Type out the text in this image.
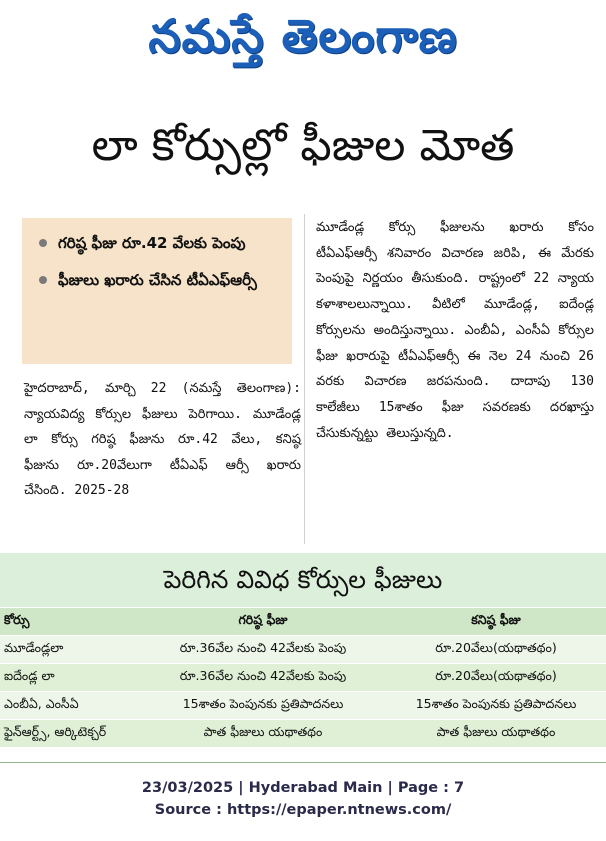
నమస్తే తెలంగాణ
లా కోర్సుల్లో ఫీజుల మోత
గరిష్ఠ ఫీజు రూ.42 వేలకు పెంపు
ఫీజులు ఖరారు చేసిన టీఏఎఫ్ఆర్సీ
హైదరాబాద్, మార్చి 22 (నమస్తే తెలంగాణ): న్యాయవిద్య కోర్సుల ఫీజులు పెరిగాయి. మూడేండ్ల లా కోర్సు గరిష్ఠ ఫీజును రూ.42 వేలు, కనిష్ఠ ఫీజును రూ.20వేలుగా టీఏఎఫ్ ఆర్సీ ఖరారు చేసింది. 2025-28
మూడేండ్ల కోర్సు ఫీజులను ఖరారు కోసం టీఏఎఫ్ఆర్సీ శనివారం విచారణ జరిపి, ఈ మేరకు పెంపుపై నిర్ణయం తీసుకుంది. రాష్ట్రంలో 22 న్యాయ కళాశాలలున్నాయి. వీటిలో మూడేండ్ల, ఐదేండ్ల కోర్సులను అందిస్తున్నాయి. ఎంబీఏ, ఎంసీఏ కోర్సుల ఫీజు ఖరారుపై టీఏఎఫ్ఆర్సీ ఈ నెల 24 నుంచి 26 వరకు విచారణ జరపనుంది. దాదాపు 130 కాలేజీలు 15శాతం ఫీజు సవరణకు దరఖాస్తు చేసుకున్నట్టు తెలుస్తున్నది.
పెరిగిన వివిధ కోర్సుల ఫీజులు
కోర్సు	గరిష్ఠ ఫీజు	కనిష్ఠ ఫీజు
మూడేండ్లలా	రూ.36వేల నుంచి 42వేలకు పెంపు	రూ.20వేలు(యథాతథం)
ఐదేండ్ల లా	రూ.36వేల నుంచి 42వేలకు పెంపు	రూ.20వేలు(యథాతథం)
ఎంబీఏ, ఎంసీఏ	15శాతం పెంపునకు ప్రతిపాదనలు	15శాతం పెంపునకు ప్రతిపాదనలు
ఫైన్ఆర్ట్స్, ఆర్కిటెక్చర్	పాత ఫీజులు యథాతథం	పాత ఫీజులు యథాతథం
23/03/2025 | Hyderabad Main | Page : 7
Source : https://epaper.ntnews.com/
